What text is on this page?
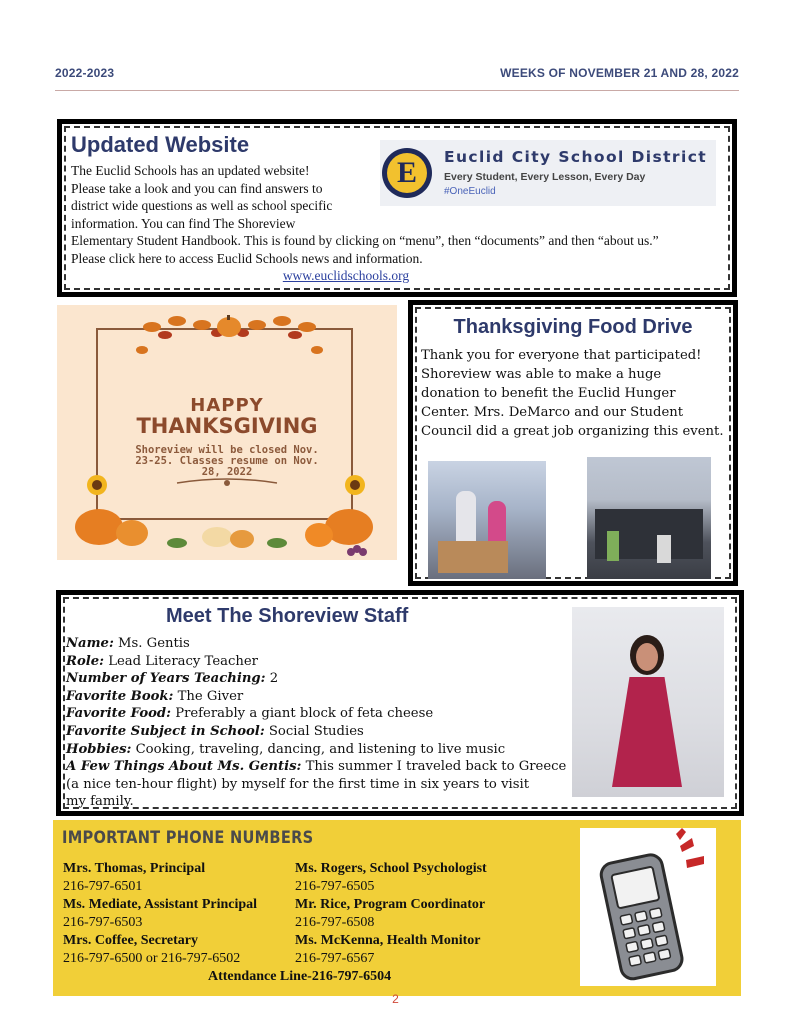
2022-2023	WEEKS OF NOVEMBER 21 AND 28, 2022
Updated Website
The Euclid Schools has an updated website!
Please take a look and you can find answers to
district wide questions as well as school specific
information. You can find The Shoreview
Elementary Student Handbook. This is found by clicking on “menu”, then “documents” and then “about us.”
Please click here to access Euclid Schools news and information.
www.euclidschools.org
E	Euclid City School District
Every Student, Every Lesson, Every Day
#OneEuclid
HAPPY
THANKSGIVING
Shoreview will be closed Nov.
23-25. Classes resume on Nov.
28, 2022
Thanksgiving Food Drive
Thank you for everyone that participated!
Shoreview was able to make a huge
donation to benefit the Euclid Hunger
Center. Mrs. DeMarco and our Student
Council did a great job organizing this event.
Meet The Shoreview Staff
Name: Ms. Gentis
Role: Lead Literacy Teacher
Number of Years Teaching: 2
Favorite Book: The Giver
Favorite Food: Preferably a giant block of feta cheese
Favorite Subject in School: Social Studies
Hobbies: Cooking, traveling, dancing, and listening to live music
A Few Things About Ms. Gentis: This summer I traveled back to Greece
(a nice ten-hour flight) by myself for the first time in six years to visit
my family.
IMPORTANT PHONE NUMBERS
Mrs. Thomas, Principal
216-797-6501
Ms. Mediate, Assistant Principal
216-797-6503
Mrs. Coffee, Secretary
216-797-6500 or 216-797-6502
Ms. Rogers, School Psychologist
216-797-6505
Mr. Rice, Program Coordinator
216-797-6508
Ms. McKenna, Health Monitor
216-797-6567
Attendance Line-216-797-6504
2
